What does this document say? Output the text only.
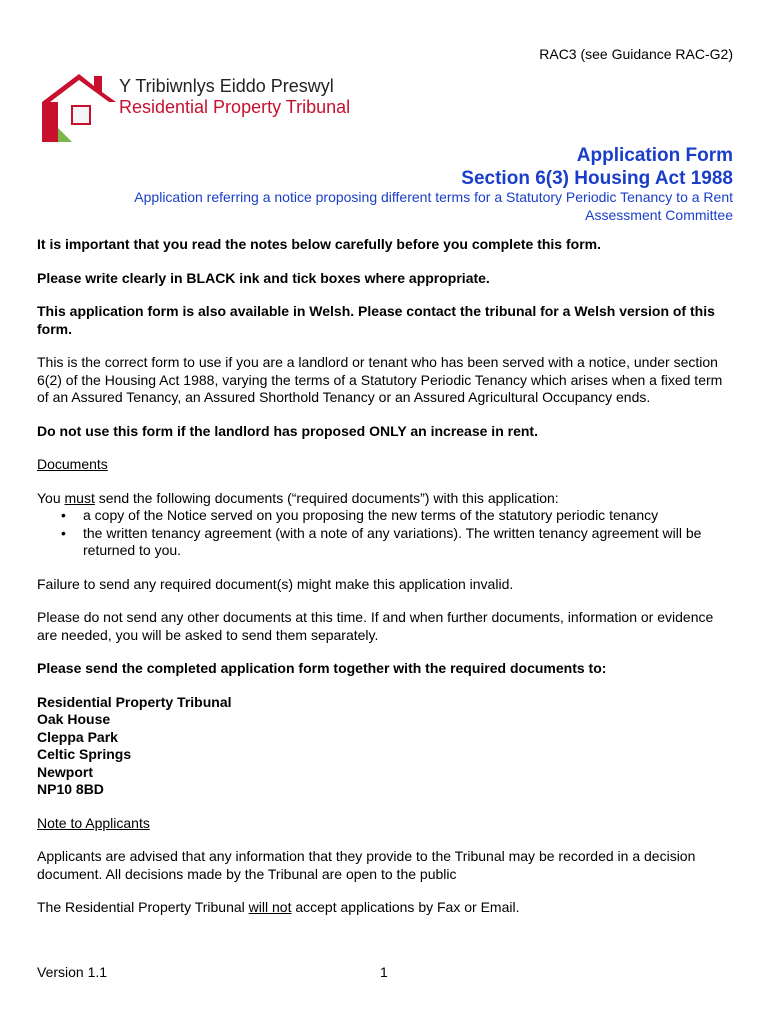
RAC3 (see Guidance RAC-G2)
Y Tribiwnlys Eiddo Preswyl
Residential Property Tribunal
Application Form
Section 6(3) Housing Act 1988
Application referring a notice proposing different terms for a Statutory Periodic Tenancy to a Rent Assessment Committee

It is important that you read the notes below carefully before you complete this form.

Please write clearly in BLACK ink and tick boxes where appropriate.

This application form is also available in Welsh. Please contact the tribunal for a Welsh version of this form.

This is the correct form to use if you are a landlord or tenant who has been served with a notice, under section 6(2) of the Housing Act 1988, varying the terms of a Statutory Periodic Tenancy which arises when a fixed term of an Assured Tenancy, an Assured Shorthold Tenancy or an Assured Agricultural Occupancy ends.

Do not use this form if the landlord has proposed ONLY an increase in rent.

Documents

You must send the following documents (“required documents”) with this application:
• a copy of the Notice served on you proposing the new terms of the statutory periodic tenancy
• the written tenancy agreement (with a note of any variations). The written tenancy agreement will be returned to you.

Failure to send any required document(s) might make this application invalid.

Please do not send any other documents at this time. If and when further documents, information or evidence are needed, you will be asked to send them separately.

Please send the completed application form together with the required documents to:

Residential Property Tribunal
Oak House
Cleppa Park
Celtic Springs
Newport
NP10 8BD

Note to Applicants

Applicants are advised that any information that they provide to the Tribunal may be recorded in a decision document. All decisions made by the Tribunal are open to the public

The Residential Property Tribunal will not accept applications by Fax or Email.

Version 1.1	1
